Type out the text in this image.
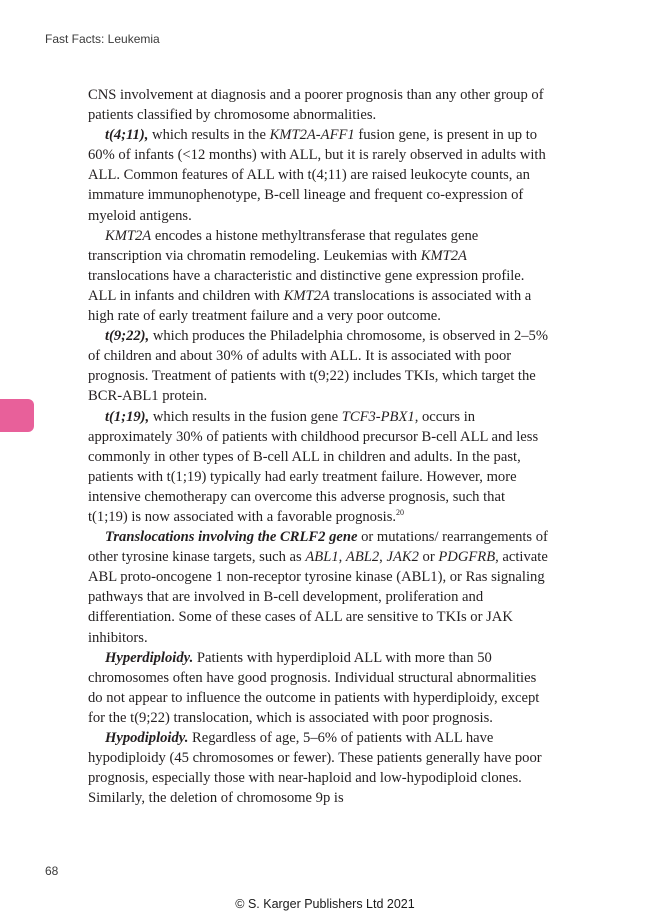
Fast Facts: Leukemia

CNS involvement at diagnosis and a poorer prognosis than any other group of patients classified by chromosome abnormalities.

t(4;11), which results in the KMT2A-AFF1 fusion gene, is present in up to 60% of infants (<12 months) with ALL, but it is rarely observed in adults with ALL. Common features of ALL with t(4;11) are raised leukocyte counts, an immature immunophenotype, B-cell lineage and frequent co-expression of myeloid antigens.

KMT2A encodes a histone methyltransferase that regulates gene transcription via chromatin remodeling. Leukemias with KMT2A translocations have a characteristic and distinctive gene expression profile. ALL in infants and children with KMT2A translocations is associated with a high rate of early treatment failure and a very poor outcome.

t(9;22), which produces the Philadelphia chromosome, is observed in 2–5% of children and about 30% of adults with ALL. It is associated with poor prognosis. Treatment of patients with t(9;22) includes TKIs, which target the BCR-ABL1 protein.

t(1;19), which results in the fusion gene TCF3-PBX1, occurs in approximately 30% of patients with childhood precursor B-cell ALL and less commonly in other types of B-cell ALL in children and adults. In the past, patients with t(1;19) typically had early treatment failure. However, more intensive chemotherapy can overcome this adverse prognosis, such that t(1;19) is now associated with a favorable prognosis.$^{20}$

Translocations involving the CRLF2 gene or mutations/ rearrangements of other tyrosine kinase targets, such as ABL1, ABL2, JAK2 or PDGFRB, activate ABL proto-oncogene 1 non-receptor tyrosine kinase (ABL1), or Ras signaling pathways that are involved in B-cell development, proliferation and differentiation. Some of these cases of ALL are sensitive to TKIs or JAK inhibitors.

Hyperdiploidy. Patients with hyperdiploid ALL with more than 50 chromosomes often have good prognosis. Individual structural abnormalities do not appear to influence the outcome in patients with hyperdiploidy, except for the t(9;22) translocation, which is associated with poor prognosis.

Hypodiploidy. Regardless of age, 5–6% of patients with ALL have hypodiploidy (45 chromosomes or fewer). These patients generally have poor prognosis, especially those with near-haploid and low-hypodiploid clones. Similarly, the deletion of chromosome 9p is

68
© S. Karger Publishers Ltd 2021
